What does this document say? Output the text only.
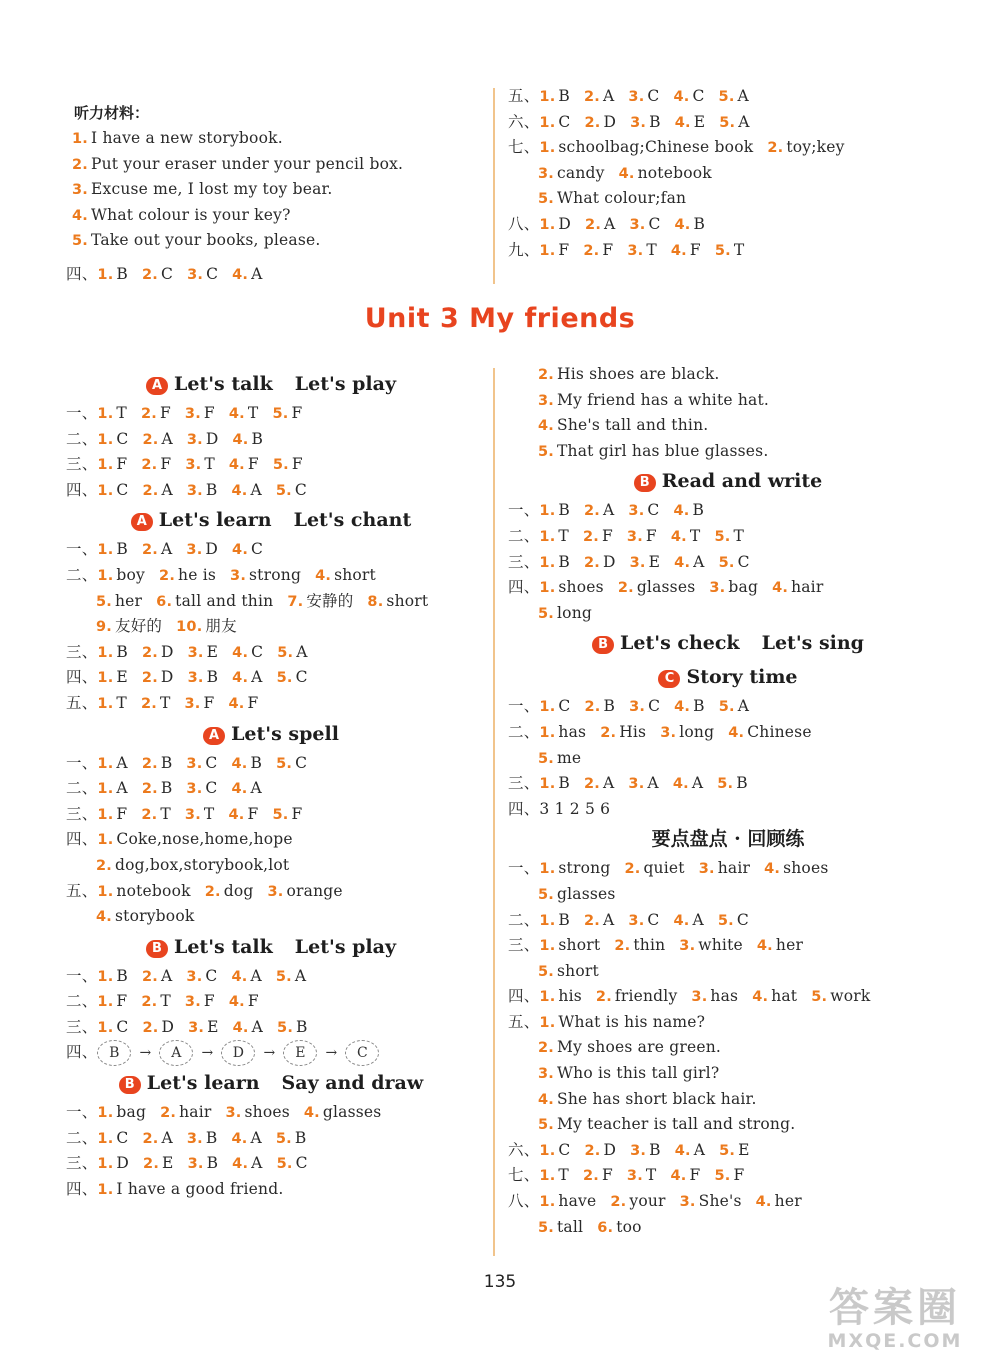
听力材料：
1. I have a new storybook.
2. Put your eraser under your pencil box.
3. Excuse me, I lost my toy bear.
4. What colour is your key?
5. Take out your books, please.
四、1. B 2. C 3. C 4. A
五、1. B 2. A 3. C 4. C 5. A
六、1. C 2. D 3. B 4. E 5. A
七、1. schoolbag;Chinese book 2. toy;key
3. candy 4. notebook
5. What colour;fan
八、1. D 2. A 3. C 4. B
九、1. F 2. F 3. T 4. F 5. T
Unit 3 My friends
A Let's talk Let's play
一、1. T 2. F 3. F 4. T 5. F
二、1. C 2. A 3. D 4. B
三、1. F 2. F 3. T 4. F 5. F
四、1. C 2. A 3. B 4. A 5. C
A Let's learn Let's chant
一、1. B 2. A 3. D 4. C
二、1. boy 2. he is 3. strong 4. short
5. her 6. tall and thin 7. 安静的 8. short
9. 友好的 10. 朋友
三、1. B 2. D 3. E 4. C 5. A
四、1. E 2. D 3. B 4. A 5. C
五、1. T 2. T 3. F 4. F
A Let's spell
一、1. A 2. B 3. C 4. B 5. C
二、1. A 2. B 3. C 4. A
三、1. F 2. T 3. T 4. F 5. F
四、1. Coke,nose,home,hope
2. dog,box,storybook,lot
五、1. notebook 2. dog 3. orange
4. storybook
B Let's talk Let's play
一、1. B 2. A 3. C 4. A 5. A
二、1. F 2. T 3. F 4. F
三、1. C 2. D 3. E 4. A 5. B
四、 B	→	A	→	D	→	E	→	C
B Let's learn Say and draw
一、1. bag 2. hair 3. shoes 4. glasses
二、1. C 2. A 3. B 4. A 5. B
三、1. D 2. E 3. B 4. A 5. C
四、1. I have a good friend.
2. His shoes are black.
3. My friend has a white hat.
4. She's tall and thin.
5. That girl has blue glasses.
B Read and write
一、1. B 2. A 3. C 4. B
二、1. T 2. F 3. F 4. T 5. T
三、1. B 2. D 3. E 4. A 5. C
四、1. shoes 2. glasses 3. bag 4. hair
5. long
B Let's check Let's sing
C Story time
一、1. C 2. B 3. C 4. B 5. A
二、1. has 2. His 3. long 4. Chinese
5. me
三、1. B 2. A 3. A 4. A 5. B
四、3 1 2 5 6
要点盘点 · 回顾练
一、1. strong 2. quiet 3. hair 4. shoes
5. glasses
二、1. B 2. A 3. C 4. A 5. C
三、1. short 2. thin 3. white 4. her
5. short
四、1. his 2. friendly 3. has 4. hat 5. work
五、1. What is his name?
2. My shoes are green.
3. Who is this tall girl?
4. She has short black hair.
5. My teacher is tall and strong.
六、1. C 2. D 3. B 4. A 5. E
七、1. T 2. F 3. T 4. F 5. F
八、1. have 2. your 3. She's 4. her
5. tall 6. too
135
答案圈
MXQE.COM
